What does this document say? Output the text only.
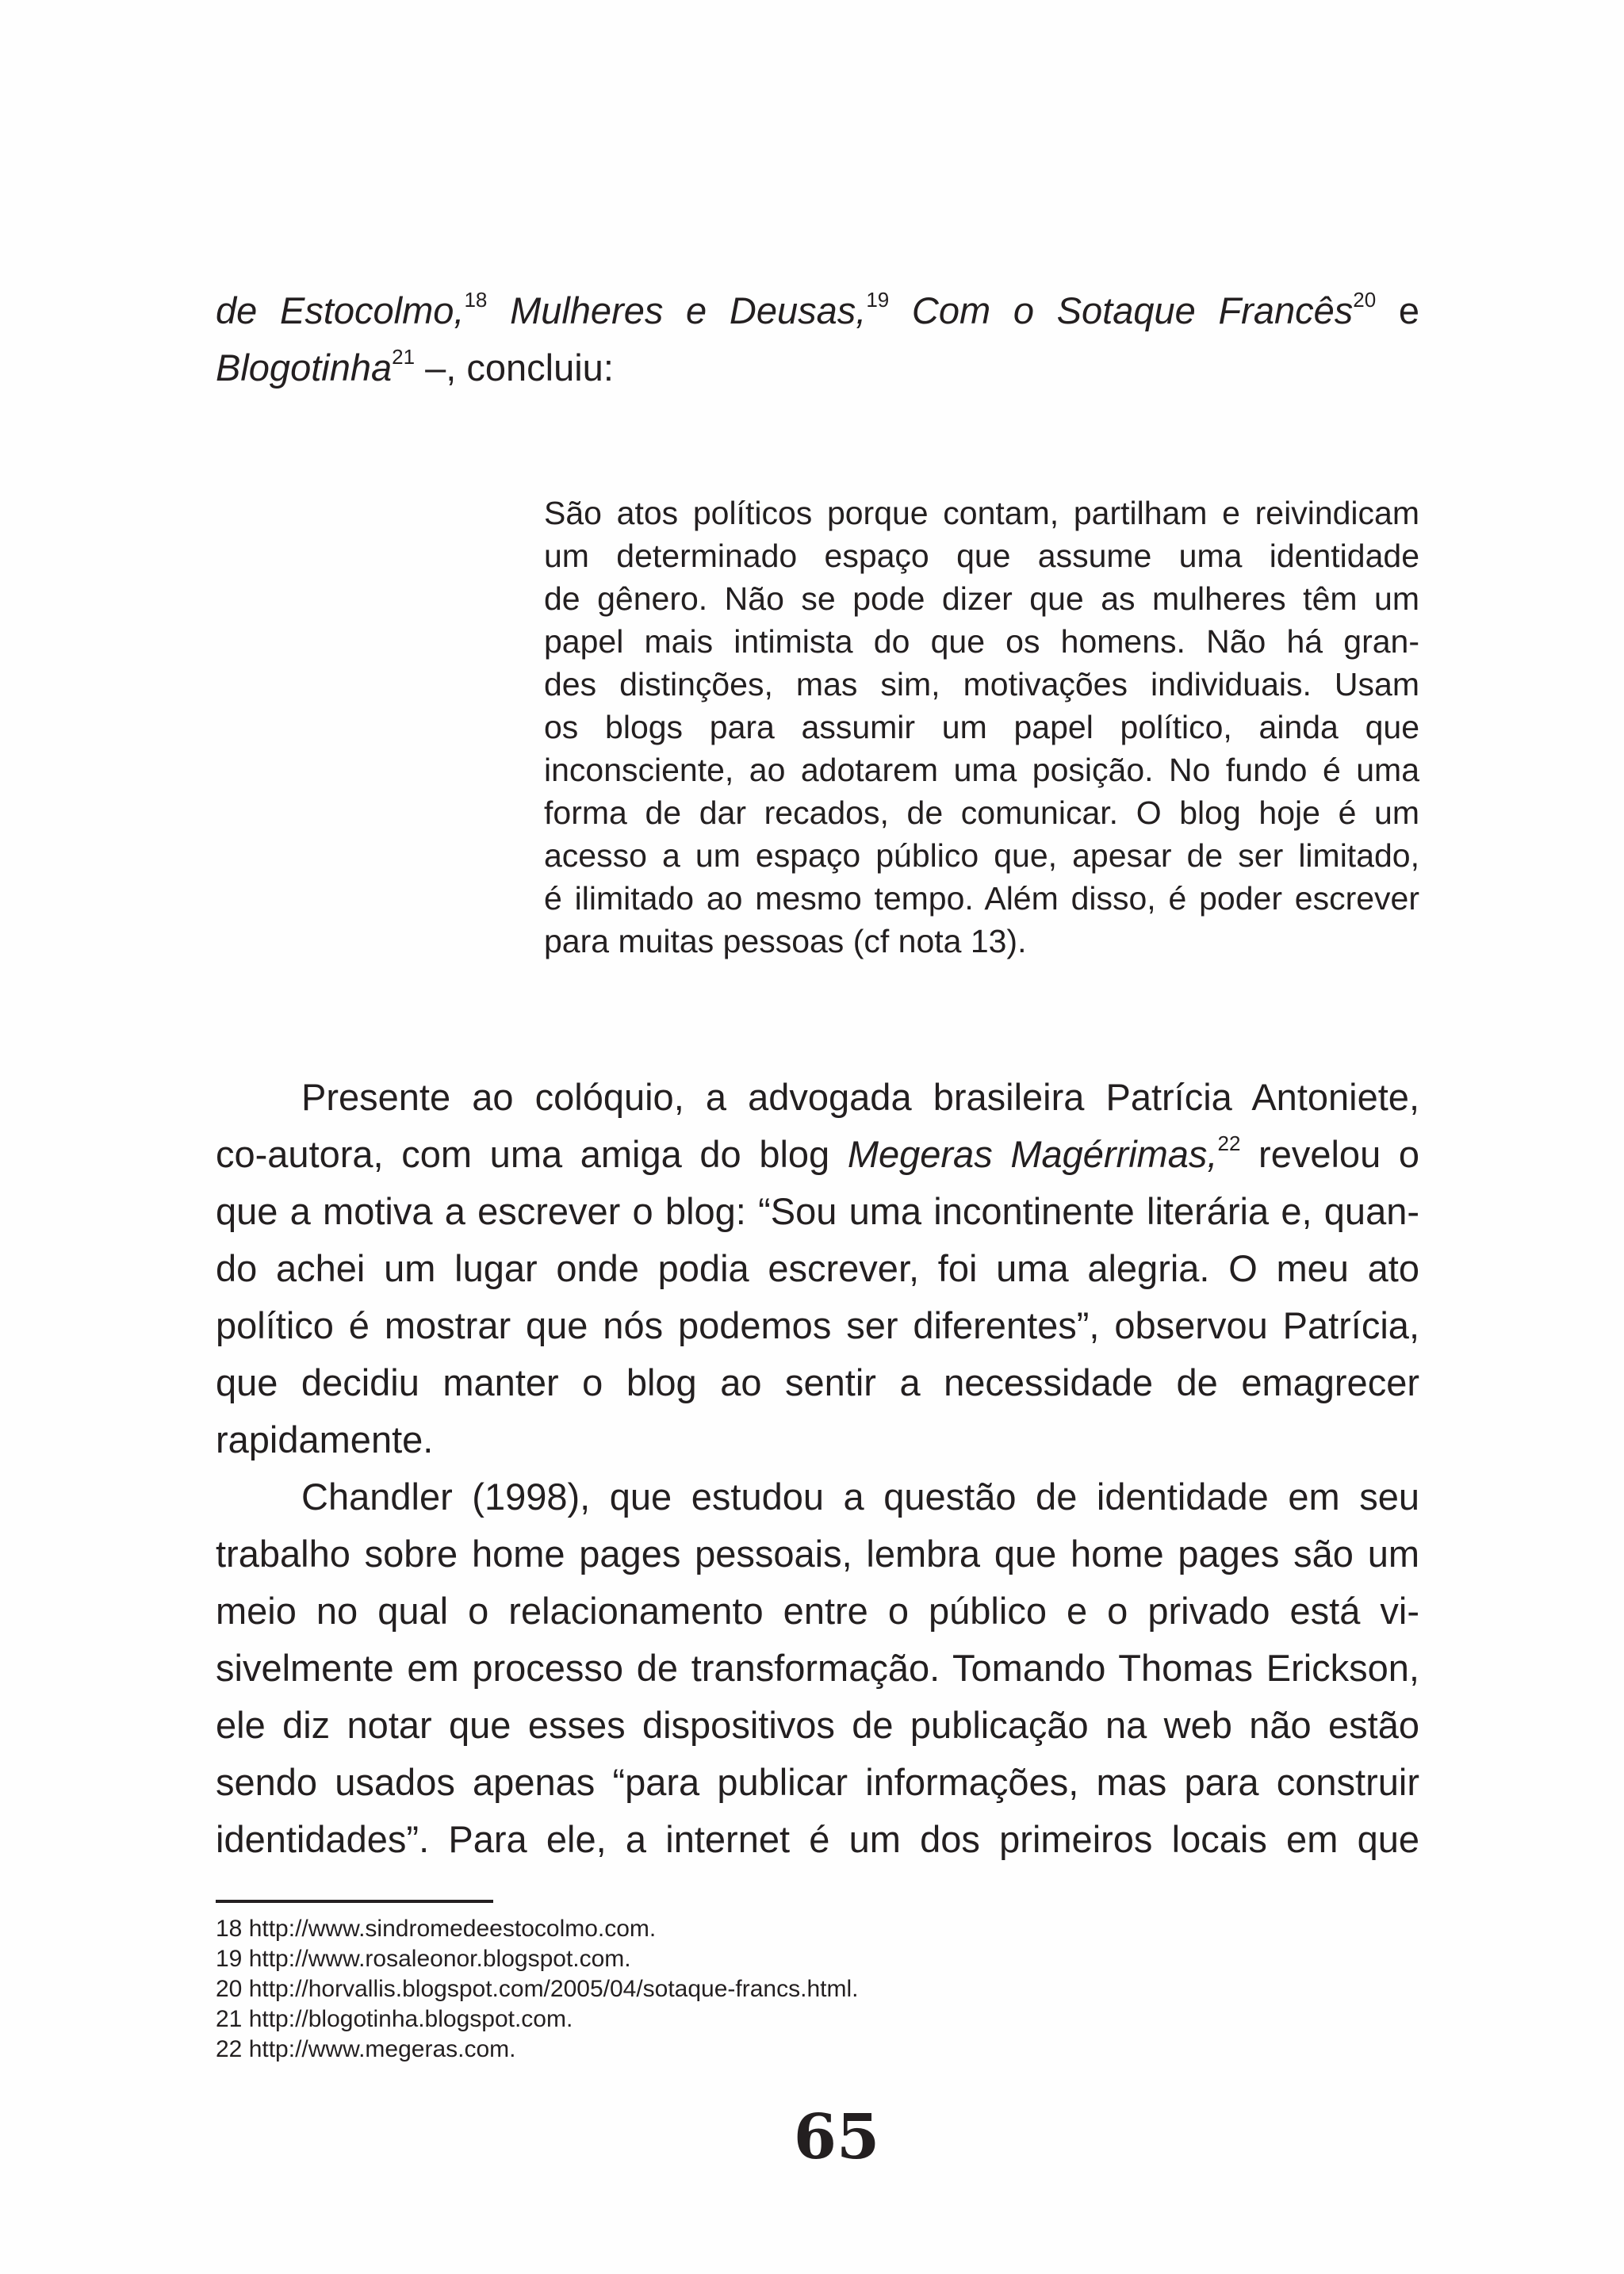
de Estocolmo,$^{18}$ Mulheres e Deusas,$^{19}$ Com o Sotaque Francês$^{20}$ e
Blogotinha$^{21}$ –, concluiu:
São atos políticos porque contam, partilham e reivindicam
um determinado espaço que assume uma identidade
de gênero. Não se pode dizer que as mulheres têm um
papel mais intimista do que os homens. Não há gran-
des distinções, mas sim, motivações individuais. Usam
os blogs para assumir um papel político, ainda que
inconsciente, ao adotarem uma posição. No fundo é uma
forma de dar recados, de comunicar. O blog hoje é um
acesso a um espaço público que, apesar de ser limitado,
é ilimitado ao mesmo tempo. Além disso, é poder escrever
para muitas pessoas (cf nota 13).
Presente ao colóquio, a advogada brasileira Patrícia Antoniete,
co-autora, com uma amiga do blog Megeras Magérrimas,$^{22}$ revelou o
que a motiva a escrever o blog: “Sou uma incontinente literária e, quan-
do achei um lugar onde podia escrever, foi uma alegria. O meu ato
político é mostrar que nós podemos ser diferentes”, observou Patrícia,
que decidiu manter o blog ao sentir a necessidade de emagrecer
rapidamente.
Chandler (1998), que estudou a questão de identidade em seu
trabalho sobre home pages pessoais, lembra que home pages são um
meio no qual o relacionamento entre o público e o privado está vi-
sivelmente em processo de transformação. Tomando Thomas Erickson,
ele diz notar que esses dispositivos de publicação na web não estão
sendo usados apenas “para publicar informações, mas para construir
identidades”. Para ele, a internet é um dos primeiros locais em que
18 http://www.sindromedeestocolmo.com.
19 http://www.rosaleonor.blogspot.com.
20 http://horvallis.blogspot.com/2005/04/sotaque-francs.html.
21 http://blogotinha.blogspot.com.
22 http://www.megeras.com.
65
